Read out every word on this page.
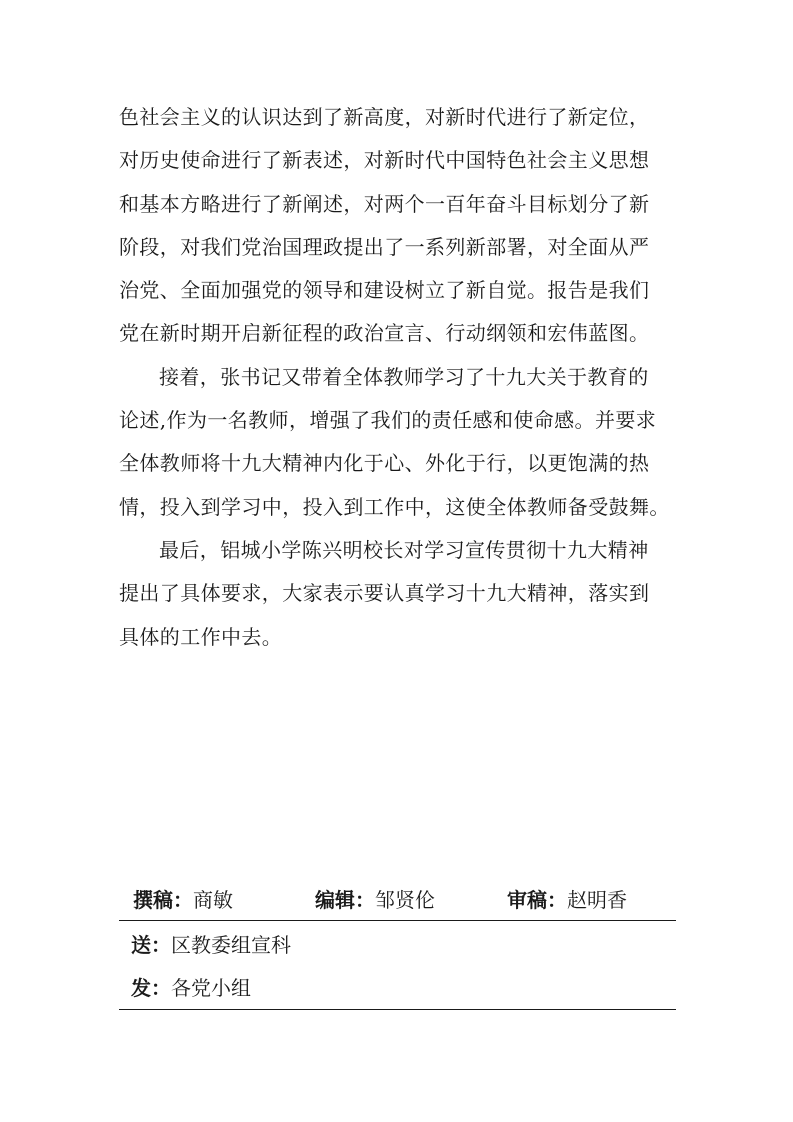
色社会主义的认识达到了新高度，对新时代进行了新定位，
对历史使命进行了新表述，对新时代中国特色社会主义思想
和基本方略进行了新阐述，对两个一百年奋斗目标划分了新
阶段，对我们党治国理政提出了一系列新部署，对全面从严
治党、全面加强党的领导和建设树立了新自觉。报告是我们
党在新时期开启新征程的政治宣言、行动纲领和宏伟蓝图。
接着，张书记又带着全体教师学习了十九大关于教育的
论述,作为一名教师，增强了我们的责任感和使命感。并要求
全体教师将十九大精神内化于心、外化于行，以更饱满的热
情，投入到学习中，投入到工作中，这使全体教师备受鼓舞。
最后，铝城小学陈兴明校长对学习宣传贯彻十九大精神
提出了具体要求，大家表示要认真学习十九大精神，落实到
具体的工作中去。
撰稿：商敏	编辑：邹贤伦	审稿：赵明香
送：区教委组宣科
发：各党小组
